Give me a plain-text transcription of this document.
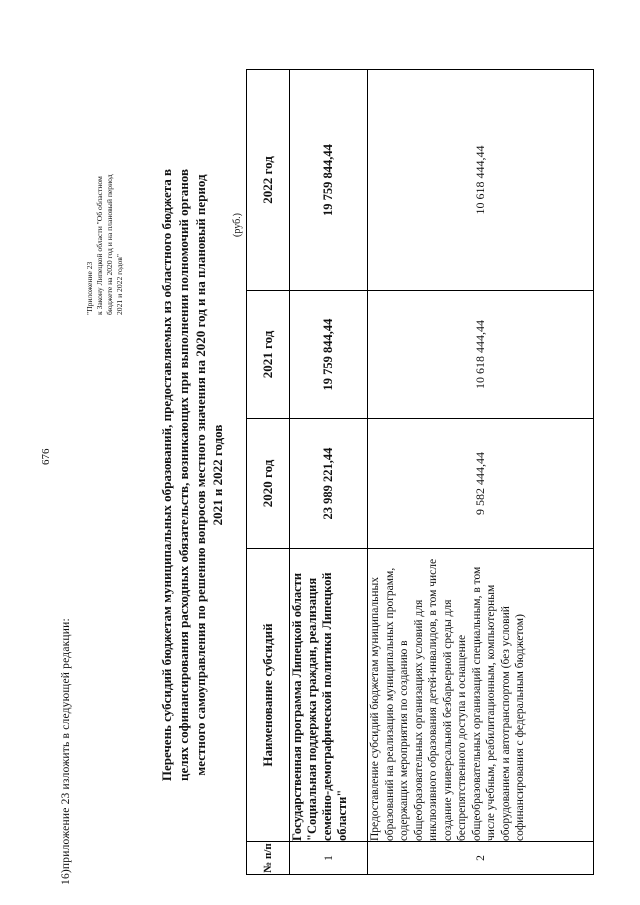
16)приложение 23 изложить в следующей редакции:
676
"Приложение 23 к Закону Липецкой области "Об областном бюджете на 2020 год и на плановый период 2021 и 2022 годов"	Перечень субсидий бюджетам муниципальных образований, предоставляемых из областного бюджета в целях софинансирования расходных обязательств, возникающих при выполнении полномочий органов местного самоуправления по решению вопросов местного значения на 2020 год и на плановый период 2021 и 2022 годов
(руб.)
№ п/п	Наименование субсидий	2020 год	2021 год	2022 год
1	Государственная программа Липецкой области "Социальная поддержка граждан, реализация семейно-демографической политики Липецкой области"	23 989 221,44	19 759 844,44	19 759 844,44
2	Предоставление субсидий бюджетам муниципальных образований на реализацию муниципальных программ, содержащих мероприятия по созданию в общеобразовательных организациях условий для инклюзивного образования детей-инвалидов, в том числе создание универсальной безбарьерной среды для беспрепятственного доступа и оснащение общеобразовательных организаций специальным, в том числе учебным, реабилитационным, компьютерным оборудованием и автотранспортом (без условий софинансирования с федеральным бюджетом)	9 582 444,44	10 618 444,44	10 618 444,44
